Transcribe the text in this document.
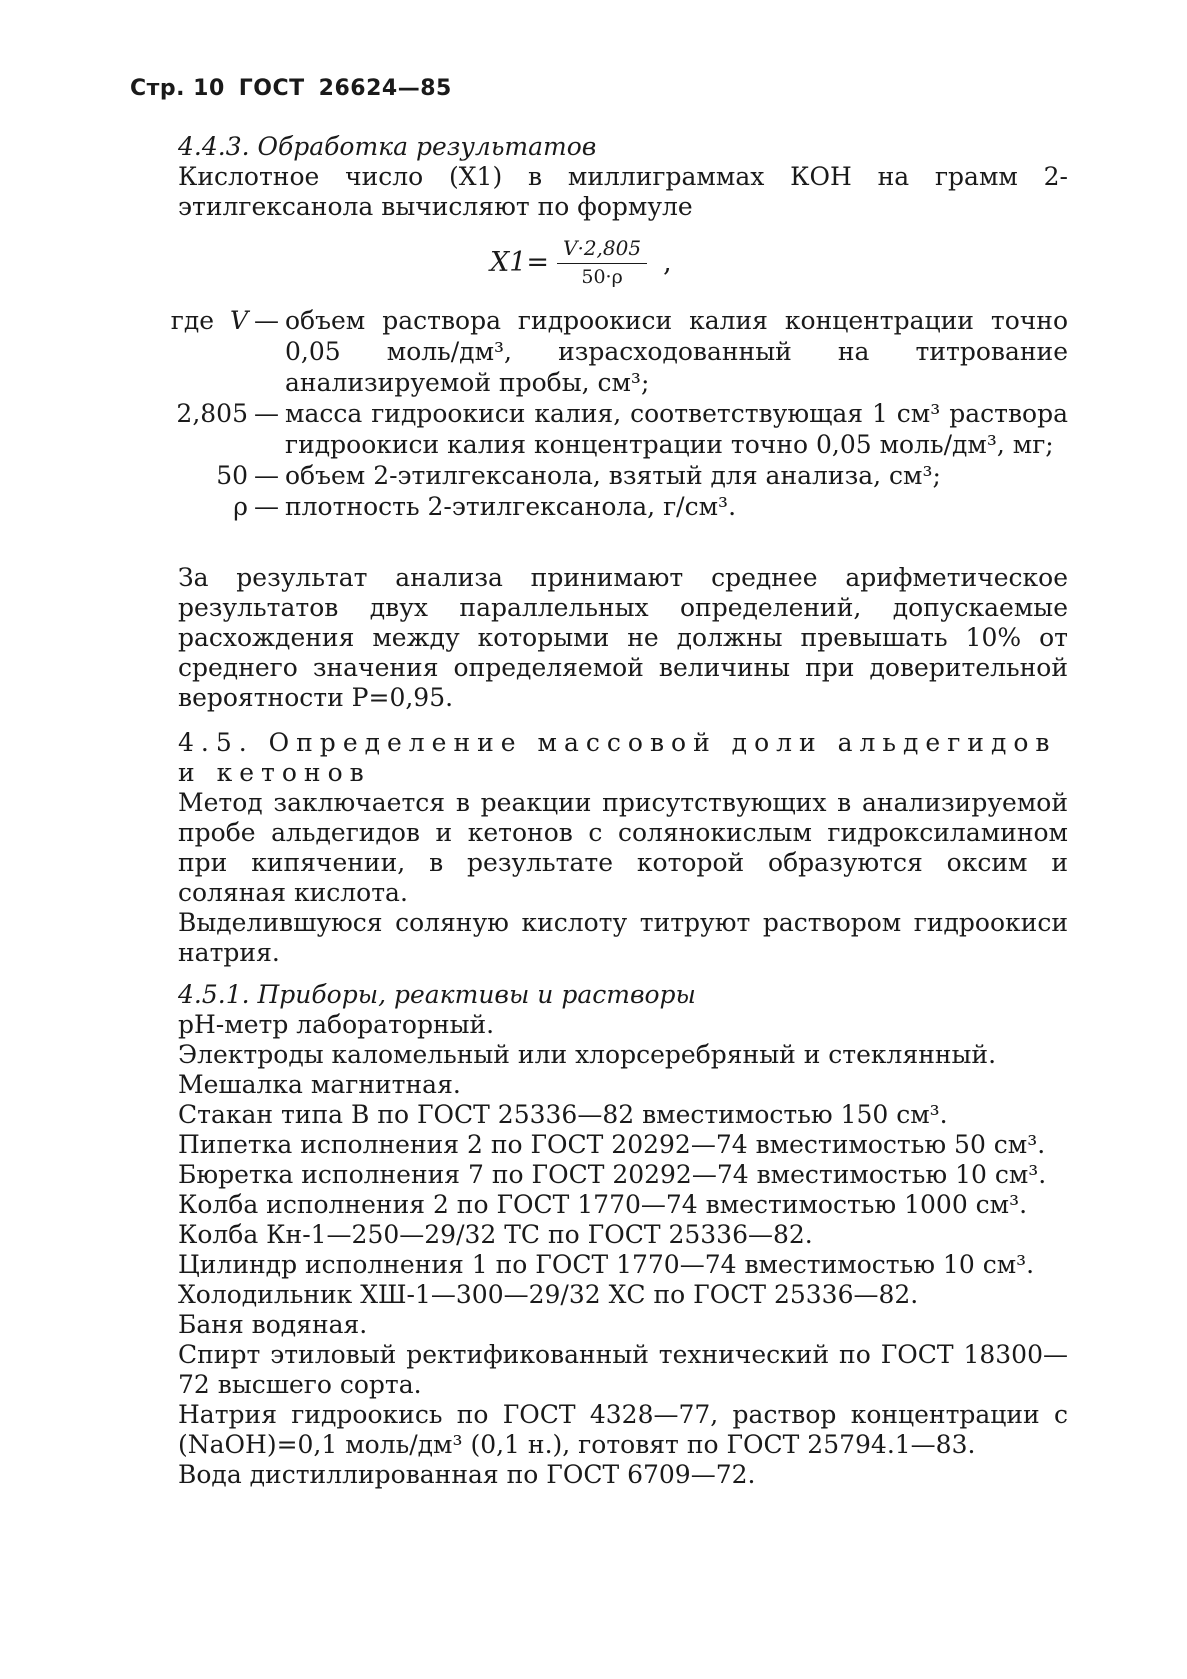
Стр. 10 ГОСТ 26624—85
4.4.3. Обработка результатов
Кислотное число (X1) в миллиграммах КОН на грамм 2-этилгексанола вычисляют по формуле
$X1= \frac{V\cdot 2,805}{50\cdot\rho}$ ,
где V — объем раствора гидроокиси калия концентрации точно 0,05 моль/дм³, израсходованный на титрование анализируемой пробы, см³;
2,805 — масса гидроокиси калия, соответствующая 1 см³ раствора гидроокиси калия концентрации точно 0,05 моль/дм³, мг;
50 — объем 2-этилгексанола, взятый для анализа, см³;
ρ — плотность 2-этилгексанола, г/см³.
За результат анализа принимают среднее арифметическое результатов двух параллельных определений, допускаемые расхождения между которыми не должны превышать 10% от среднего значения определяемой величины при доверительной вероятности P=0,95.
4.5. Определение массовой доли альдегидов и кетонов
Метод заключается в реакции присутствующих в анализируемой пробе альдегидов и кетонов с солянокислым гидроксиламином при кипячении, в результате которой образуются оксим и соляная кислота.
Выделившуюся соляную кислоту титруют раствором гидроокиси натрия.
4.5.1. Приборы, реактивы и растворы
рН-метр лабораторный.
Электроды каломельный или хлорсеребряный и стеклянный.
Мешалка магнитная.
Стакан типа В по ГОСТ 25336—82 вместимостью 150 см³.
Пипетка исполнения 2 по ГОСТ 20292—74 вместимостью 50 см³.
Бюретка исполнения 7 по ГОСТ 20292—74 вместимостью 10 см³.
Колба исполнения 2 по ГОСТ 1770—74 вместимостью 1000 см³.
Колба Кн-1—250—29/32 ТС по ГОСТ 25336—82.
Цилиндр исполнения 1 по ГОСТ 1770—74 вместимостью 10 см³.
Холодильник ХШ-1—300—29/32 ХС по ГОСТ 25336—82.
Баня водяная.
Спирт этиловый ректификованный технический по ГОСТ 18300—72 высшего сорта.
Натрия гидроокись по ГОСТ 4328—77, раствор концентрации c (NaOH)=0,1 моль/дм³ (0,1 н.), готовят по ГОСТ 25794.1—83.
Вода дистиллированная по ГОСТ 6709—72.
